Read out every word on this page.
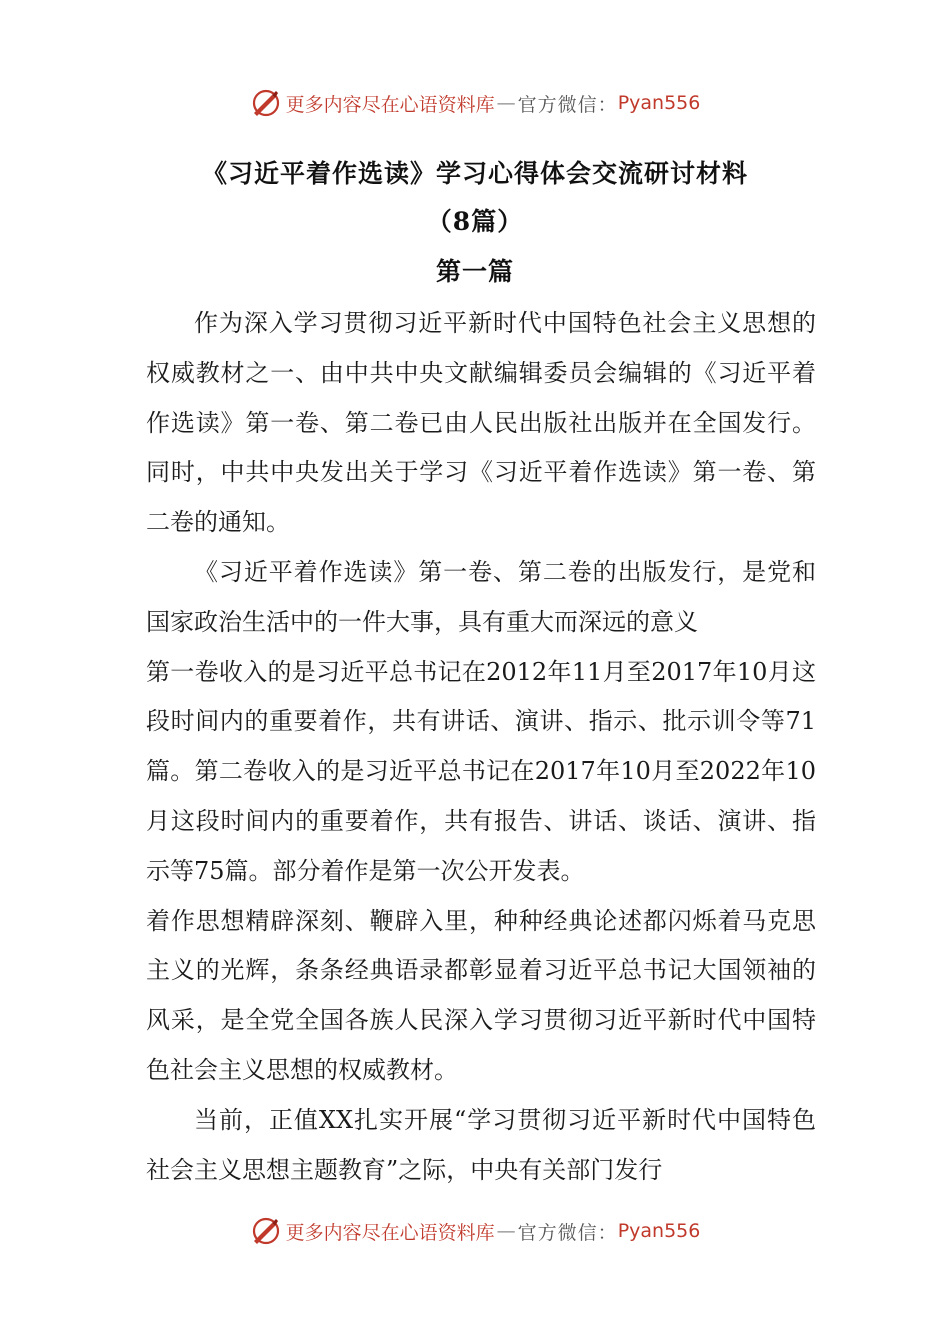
更多内容尽在心语资料库 — 官方微信： Pyan556
《习近平着作选读》学习心得体会交流研讨材料
（8篇）
第一篇

作为深入学习贯彻习近平新时代中国特色社会主义思想的权威教材之一、由中共中央文献编辑委员会编辑的《习近平着作选读》第一卷、第二卷已由人民出版社出版并在全国发行。同时，中共中央发出关于学习《习近平着作选读》第一卷、第二卷的通知。

《习近平着作选读》第一卷、第二卷的出版发行，是党和国家政治生活中的一件大事，具有重大而深远的意义

第一卷收入的是习近平总书记在2012年11月至2017年10月这段时间内的重要着作，共有讲话、演讲、指示、批示训令等71篇。第二卷收入的是习近平总书记在2017年10月至2022年10月这段时间内的重要着作，共有报告、讲话、谈话、演讲、指示等75篇。部分着作是第一次公开发表。

着作思想精辟深刻、鞭辟入里，种种经典论述都闪烁着马克思主义的光辉，条条经典语录都彰显着习近平总书记大国领袖的风采，是全党全国各族人民深入学习贯彻习近平新时代中国特色社会主义思想的权威教材。

当前，正值XX扎实开展“学习贯彻习近平新时代中国特色社会主义思想主题教育”之际，中央有关部门发行

更多内容尽在心语资料库 — 官方微信： Pyan556
